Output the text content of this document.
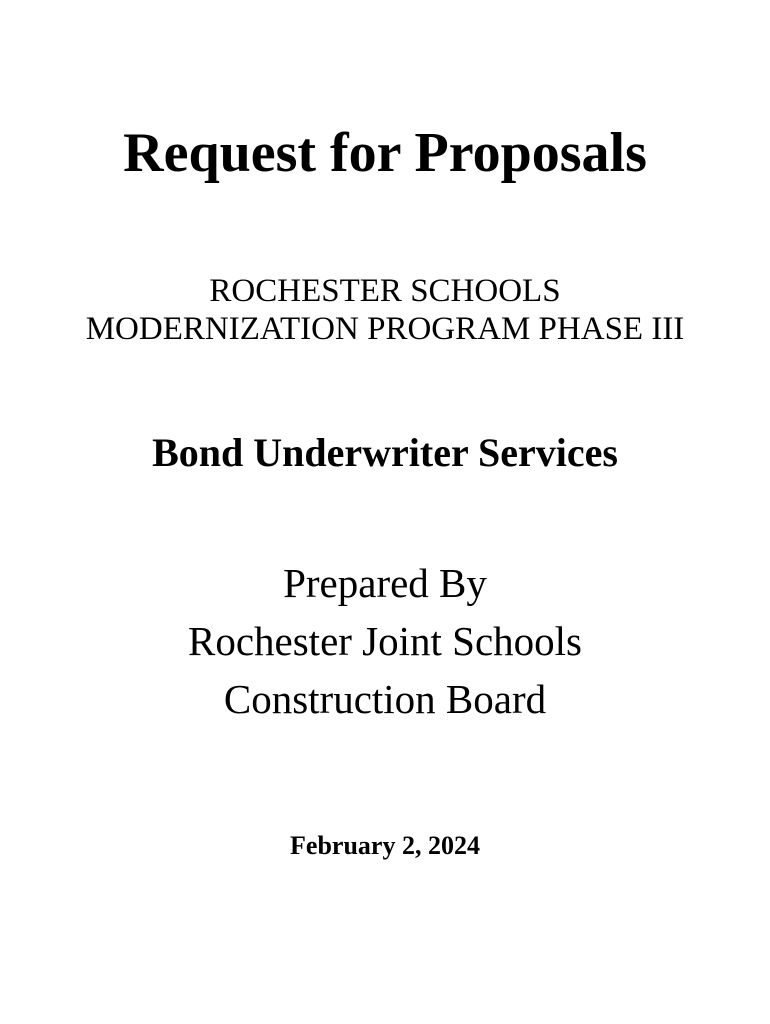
Request for Proposals
ROCHESTER SCHOOLS
MODERNIZATION PROGRAM PHASE III
Bond Underwriter Services
Prepared By
Rochester Joint Schools
Construction Board
February 2, 2024
